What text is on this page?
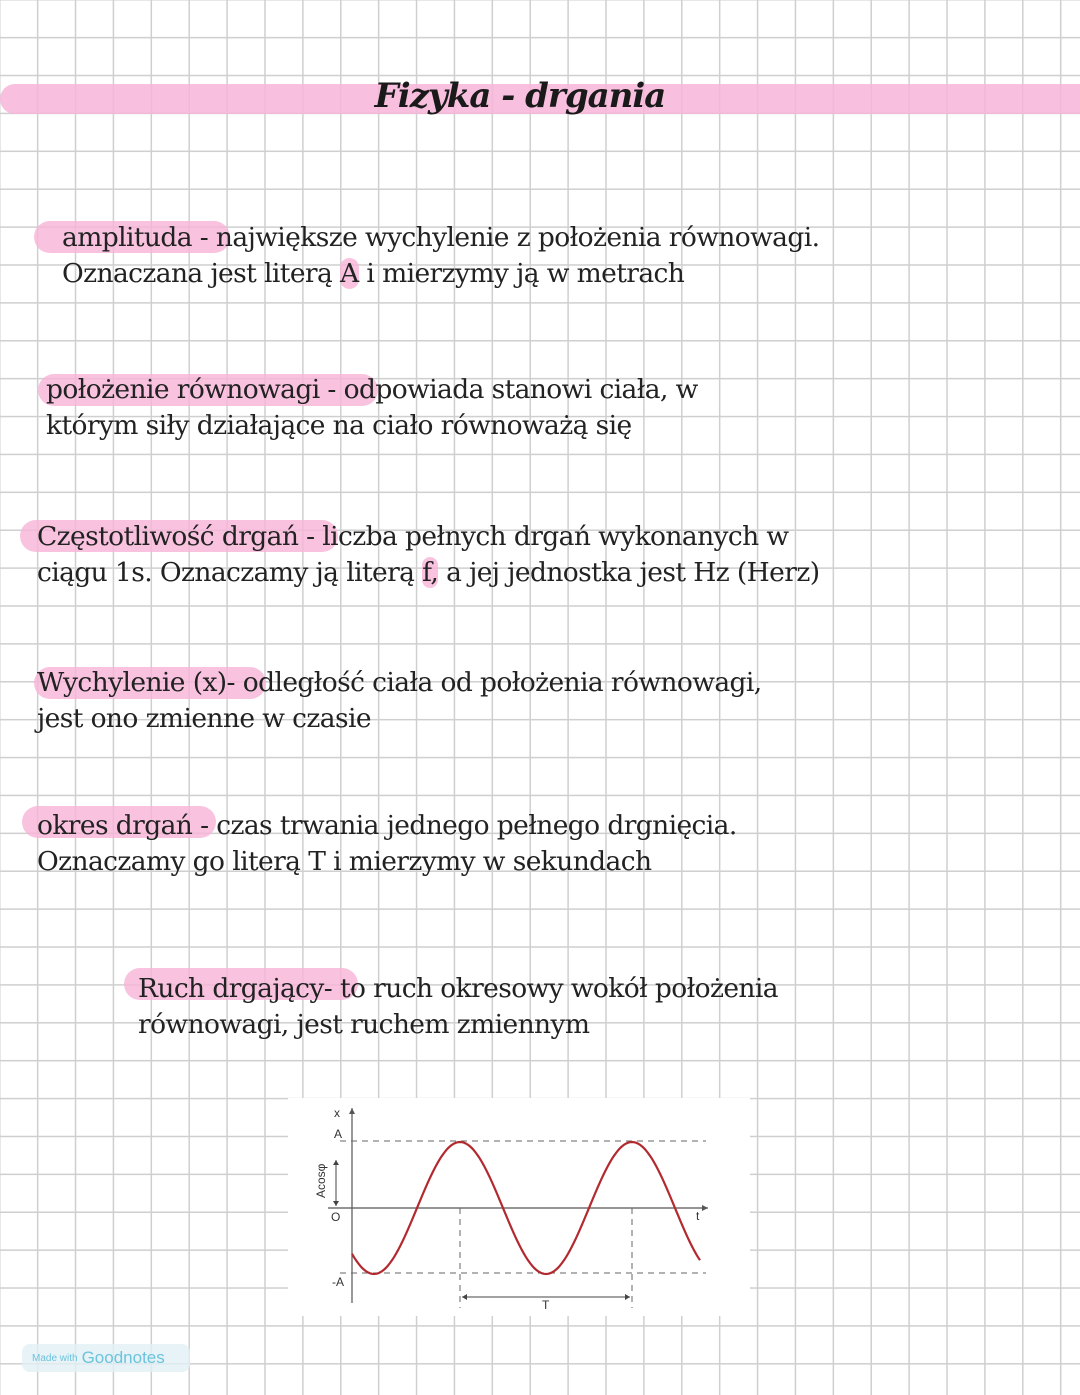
Fizyka - drgania
amplituda - największe wychylenie z położenia równowagi.
Oznaczana jest literą A i mierzymy ją w metrach
położenie równowagi - odpowiada stanowi ciała, w
którym siły działające na ciało równoważą się
Częstotliwość drgań - liczba pełnych drgań wykonanych w
ciągu 1s. Oznaczamy ją literą f, a jej jednostka jest Hz (Herz)
Wychylenie (x)- odległość ciała od położenia równowagi,
jest ono zmienne w czasie
okres drgań - czas trwania jednego pełnego drgnięcia.
Oznaczamy go literą T i mierzymy w sekundach
Ruch drgający- to ruch okresowy wokół położenia
równowagi, jest ruchem zmiennym
x
A
O
-A
t
T
Acosφ
Made with Goodnotes
